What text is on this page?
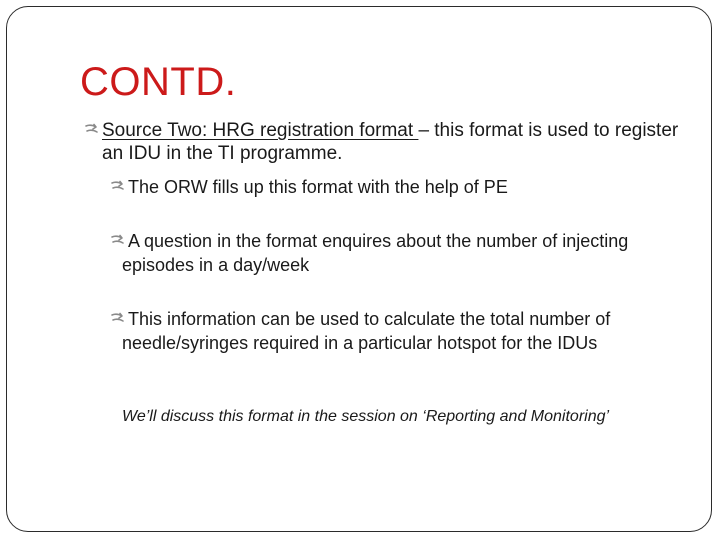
CONTD.
Source Two: HRG registration format – this format is used to register an IDU in the TI programme.
The ORW fills up this format with the help of PE
A question in the format enquires about the number of injecting episodes in a day/week
This information can be used to calculate the total number of needle/syringes required in a particular hotspot for the IDUs
We’ll discuss this format in the session on ‘Reporting and Monitoring’
